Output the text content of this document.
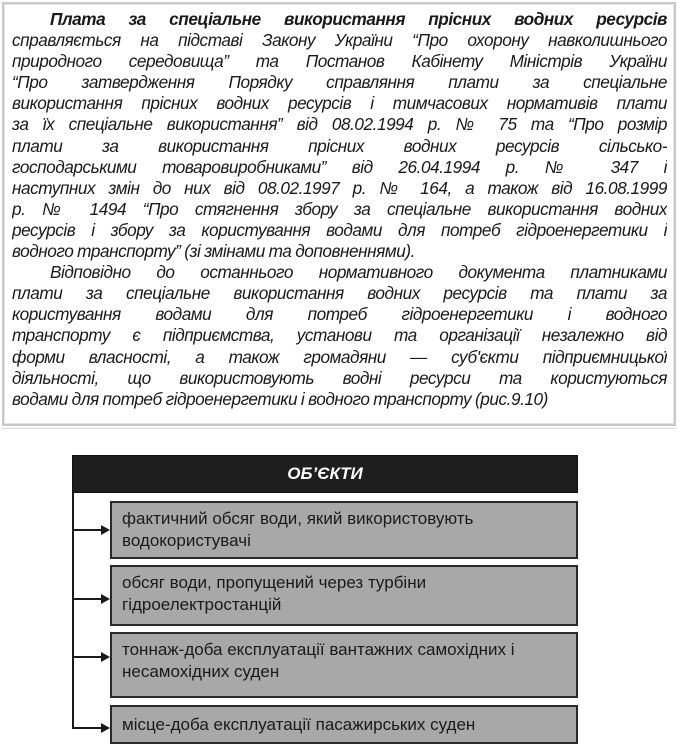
Плата за спеціальне використання прісних водних ресурсів
справляється на підставі Закону України “Про охорону навколишнього
природного середовища” та Постанов Кабінету Міністрів України
“Про затвердження Порядку справляння плати за спеціальне
використання прісних водних ресурсів і тимчасових нормативів плати
за їх спеціальне використання” від 08.02.1994 р. № 75 та “Про розмір
плати за використання прісних водних ресурсів сільсько-
господарськими товаровиробниками” від 26.04.1994 р. № 347 і
наступних змін до них від 08.02.1997 р. № 164, а також від 16.08.1999
р. № 1494 “Про стягнення збору за спеціальне використання водних
ресурсів і збору за користування водами для потреб гідроенергетики і
водного транспорту” (зі змінами та доповненнями).
Відповідно до останнього нормативного документа платниками
плати за спеціальне використання водних ресурсів та плати за
користування водами для потреб гідроенергетики і водного
транспорту є підприємства, установи та організації незалежно від
форми власності, а також громадяни — суб'єкти підприємницької
діяльності, що використовують водні ресурси та користуються
водами для потреб гідроенергетики і водного транспорту (рис.9.10)
ОБ’ЄКТИ
фактичний обсяг води, який використовують
водокористувачі
обсяг води, пропущений через турбіни
гідроелектростанцій
тоннаж-доба експлуатації вантажних самохідних і
несамохідних суден
місце-доба експлуатації пасажирських суден
